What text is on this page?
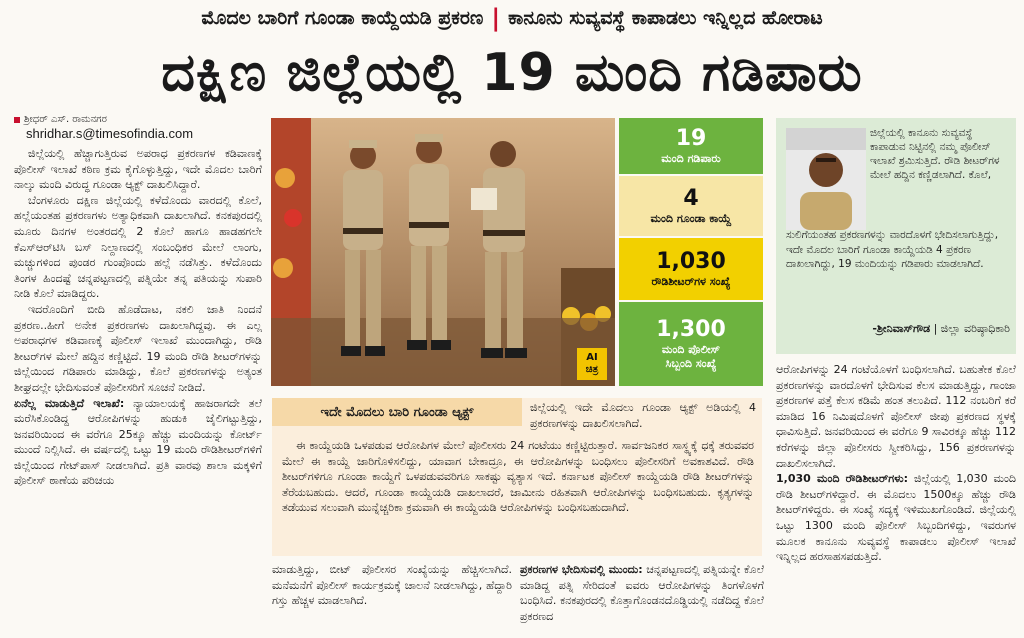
ಮೊದಲ ಬಾರಿಗೆ ಗೂಂಡಾ ಕಾಯ್ದೆಯಡಿ ಪ್ರಕರಣ | ಕಾನೂನು ಸುವ್ಯವಸ್ಥೆ ಕಾಪಾಡಲು ಇನ್ನಿಲ್ಲದ ಹೋರಾಟ
ದಕ್ಷಿಣ ಜಿಲ್ಲೆಯಲ್ಲಿ 19 ಮಂದಿ ಗಡಿಪಾರು
ಶ್ರೀಧರ್ ಎಸ್. ರಾಮನಗರ
shridhar.s@timesofindia.com

ಜಿಲ್ಲೆಯಲ್ಲಿ ಹೆಚ್ಚಾಗುತ್ತಿರುವ ಅಪರಾಧ ಪ್ರಕರಣಗಳ ಕಡಿವಾಣಕ್ಕೆ ಪೊಲೀಸ್ ಇಲಾಖೆ ಕಠಿಣ ಕ್ರಮ ಕೈಗೊಳ್ಳುತ್ತಿದ್ದು, ಇದೇ ಮೊದಲ ಬಾರಿಗೆ ನಾಲ್ಕು ಮಂದಿ ವಿರುದ್ಧ ಗೂಂಡಾ ಆ್ಯಕ್ಟ್ ದಾಖಲಿಸಿದ್ದಾರೆ.

ಬೆಂಗಳೂರು ದಕ್ಷಿಣ ಜಿಲ್ಲೆಯಲ್ಲಿ ಕಳೆದೊಂದು ವಾರದಲ್ಲಿ ಕೊಲೆ, ಹಲ್ಲೆಯಂತಹ ಪ್ರಕರಣಗಳು ಅತ್ಯಾಧಿಕವಾಗಿ ದಾಖಲಾಗಿದೆ. ಕನಕಪುರದಲ್ಲಿ ಮೂರು ದಿನಗಳ ಅಂತರದಲ್ಲಿ 2 ಕೊಲೆ ಹಾಗೂ ಹಾಡಹಗಲೇ ಕೆಎಸ್‌ಆರ್‌ಟಿಸಿ ಬಸ್ ನಿಲ್ದಾಣದಲ್ಲಿ ಸಂಬಂಧಿಕರ ಮೇಲೆ ಲಾಂಗು, ಮಚ್ಚುಗಳಿಂದ ಪುಂಡರ ಗುಂಪೊಂದು ಹಲ್ಲೆ ನಡೆಸಿತ್ತು. ಕಳೆದೊಂದು ತಿಂಗಳ ಹಿಂದಷ್ಟೆ ಚನ್ನಪಟ್ಟಣದಲ್ಲಿ ಪತ್ನಿಯೇ ತನ್ನ ಪತಿಯನ್ನು ಸುಪಾರಿ ನೀಡಿ ಕೊಲೆ ಮಾಡಿದ್ದರು.

ಇದರೊಂದಿಗೆ ಬೀದಿ ಹೊಡೆದಾಟ, ನಕಲಿ ಜಾತಿ ನಿಂದನೆ ಪ್ರಕರಣ..ಹೀಗೆ ಅನೇಕ ಪ್ರಕರಣಗಳು ದಾಖಲಾಗಿದ್ದವು. ಈ ಎಲ್ಲ ಅಪರಾಧಗಳ ಕಡಿವಾಣಕ್ಕೆ ಪೊಲೀಸ್ ಇಲಾಖೆ ಮುಂದಾಗಿದ್ದು, ರೌಡಿ ಶೀಟರ್‌ಗಳ ಮೇಲೆ ಹದ್ದಿನ ಕಣ್ಣಿಟ್ಟಿದೆ. 19 ಮಂದಿ ರೌಡಿ ಶೀಟರ್‌ಗಳನ್ನು ಜಿಲ್ಲೆಯಿಂದ ಗಡಿಪಾರು ಮಾಡಿದ್ದು, ಕೊಲೆ ಪ್ರಕರಣಗಳನ್ನು ಅತ್ಯಂತ ಶೀಘ್ರದಲ್ಲೇ ಭೇದಿಸುವಂತೆ ಪೊಲೀಸರಿಗೆ ಸೂಚನೆ ನೀಡಿದೆ.

ಏನೆಲ್ಲ ಮಾಡುತ್ತಿದೆ ಇಲಾಖೆ: ನ್ಯಾಯಾಲಯಕ್ಕೆ ಹಾಜರಾಗದೇ ತಲೆ ಮರೆಸಿಕೊಂಡಿದ್ದ ಆರೋಪಿಗಳನ್ನು ಹುಡುಕಿ ಜೈಲಿಗಟ್ಟುತ್ತಿದ್ದು, ಜನವರಿಯಿಂದ ಈ ವರೆಗೂ 25ಕ್ಕೂ ಹೆಚ್ಚು ಮಂದಿಯನ್ನು ಕೋರ್ಟ್ ಮುಂದೆ ನಿಲ್ಲಿಸಿದೆ. ಈ ವರ್ಷದಲ್ಲಿ ಒಟ್ಟು 19 ಮಂದಿ ರೌಡಿಶೀಟರ್‌ಗಳಿಗೆ ಜಿಲ್ಲೆಯಿಂದ ಗೇಟ್‌ಪಾಸ್ ನೀಡಲಾಗಿದೆ. ಪ್ರತಿ ವಾರವು ಶಾಲಾ ಮಕ್ಕಳಿಗೆ ಪೊಲೀಸ್ ಠಾಣೆಯ ಪರಿಚಯ

AI
ಚಿತ್ರ
19
ಮಂದಿ ಗಡಿಪಾರು
4
ಮಂದಿ ಗೂಂಡಾ ಕಾಯ್ದೆ
1,030
ರೌಡಿಶೀಟರ್‌ಗಳ ಸಂಖ್ಯೆ
1,300
ಮಂದಿ ಪೊಲೀಸ್
ಸಿಬ್ಬಂದಿ ಸಂಖ್ಯೆ
ಜಿಲ್ಲೆಯಲ್ಲಿ ಕಾನೂನು ಸುವ್ಯವಸ್ಥೆ ಕಾಪಾಡುವ ನಿಟ್ಟಿನಲ್ಲಿ ನಮ್ಮ ಪೊಲೀಸ್ ಇಲಾಖೆ ಶ್ರಮಿಸುತ್ತಿದೆ. ರೌಡಿ ಶೀಟರ್‌ಗಳ ಮೇಲೆ ಹದ್ದಿನ ಕಣ್ಣಿಡಲಾಗಿದೆ. ಕೊಲೆ,
ಸುಲಿಗೆಯಂತಹ ಪ್ರಕರಣಗಳನ್ನು ವಾರದೊಳಗೆ ಭೇದಿಸಲಾಗುತ್ತಿದ್ದು, ಇದೇ ಮೊದಲ ಬಾರಿಗೆ ಗೂಂಡಾ ಕಾಯ್ದೆಯಡಿ 4 ಪ್ರಕರಣ ದಾಖಲಾಗಿದ್ದು, 19 ಮಂದಿಯನ್ನು ಗಡಿಪಾರು ಮಾಡಲಾಗಿದೆ.
-ಶ್ರೀನಿವಾಸ್‌ಗೌಡ | ಜಿಲ್ಲಾ ವರಿಷ್ಠಾಧಿಕಾರಿ
ಇದೇ ಮೊದಲು ಬಾರಿ ಗೂಂಡಾ ಆ್ಯಕ್ಟ್	ಜಿಲ್ಲೆಯಲ್ಲಿ ಇದೇ ಮೊದಲು ಗೂಂಡಾ ಆ್ಯಕ್ಟ್ ಅಡಿಯಲ್ಲಿ 4 ಪ್ರಕರಣಗಳನ್ನು ದಾಖಲಿಸಲಾಗಿದೆ.

ಈ ಕಾಯ್ದೆಯಡಿ ಒಳಪಡುವ ಆರೋಪಿಗಳ ಮೇಲೆ ಪೊಲೀಸರು 24 ಗಂಟೆಯು ಕಣ್ಣಿಟ್ಟಿರುತ್ತಾರೆ. ಸಾರ್ವಜನಿಕರ ಸಾಸ್ಥ್ಯಕ್ಕೆ ಧಕ್ಕೆ ತರುವವರ ಮೇಲೆ ಈ ಕಾಯ್ದೆ ಜಾರಿಗೊಳಿಸಲಿದ್ದು, ಯಾವಾಗ ಬೇಕಾದ್ರೂ, ಈ ಆರೋಪಿಗಳನ್ನು ಬಂಧಿಸಲು ಪೊಲೀಸರಿಗೆ ಅವಕಾಶವಿದೆ. ರೌಡಿ ಶೀಟರ್‌ಗಳಿಗೂ ಗೂಂಡಾ ಕಾಯ್ದೆಗೆ ಒಳಪಡುವವರಿಗೂ ಸಾಕಷ್ಟು ವ್ಯತ್ಯಾಸ ಇದೆ. ಕರ್ನಾಟಕ ಪೊಲೀಸ್ ಕಾಯ್ದೆಯಡಿ ರೌಡಿ ಶೀಟರ್‌ಗಳನ್ನು ತೆರೆಯಬಹುದು. ಆದರೆ, ಗೂಂಡಾ ಕಾಯ್ದೆಯಡಿ ದಾಖಲಾದರೆ, ಜಾಮೀನು ರಹಿತವಾಗಿ ಆರೋಪಿಗಳನ್ನು ಬಂಧಿಸಬಹುದು. ಕೃತ್ಯಗಳನ್ನು ತಡೆಯುವ ಸಲುವಾಗಿ ಮುನ್ನೆಚ್ಚರಿಕಾ ಕ್ರಮವಾಗಿ ಈ ಕಾಯ್ದೆಯಡಿ ಆರೋಪಿಗಳನ್ನು ಬಂಧಿಸಬಹುದಾಗಿದೆ.

ಮಾಡುತ್ತಿದ್ದು, ಬೀಟ್ ಪೊಲೀಸರ ಸಂಖ್ಯೆಯನ್ನು ಹೆಚ್ಚಿಸಲಾಗಿದೆ. ಮನೆಮನೆಗೆ ಪೊಲೀಸ್ ಕಾರ್ಯಕ್ರಮಕ್ಕೆ ಚಾಲನೆ ನೀಡಲಾಗಿದ್ದು, ಹೆದ್ದಾರಿ ಗಸ್ತು ಹೆಚ್ಚಳ ಮಾಡಲಾಗಿದೆ.

ಪ್ರಕರಣಗಳ ಭೇದಿಸುವಲ್ಲಿ ಮುಂದು: ಚನ್ನಪಟ್ಟಣದಲ್ಲಿ ಪತ್ನಿಯನ್ನೇ ಕೊಲೆ ಮಾಡಿದ್ದ ಪತ್ನಿ ಸೇರಿದಂತೆ ಐವರು ಆರೋಪಿಗಳನ್ನು ತಿಂಗಳೊಳಗೆ ಬಂಧಿಸಿದೆ. ಕನಕಪುರದಲ್ಲಿ ಕೊತ್ತಾಗೊಂಡನದೊಡ್ಡಿಯಲ್ಲಿ ನಡೆದಿದ್ದ ಕೊಲೆ ಪ್ರಕರಣದ

ಆರೋಪಿಗಳನ್ನು 24 ಗಂಟೆಯೊಳಗೆ ಬಂಧಿಸಲಾಗಿದೆ. ಬಹುತೇಕ ಕೊಲೆ ಪ್ರಕರಣಗಳನ್ನು ವಾರದೊಳಗೆ ಭೇದಿಸುವ ಕೆಲಸ ಮಾಡುತ್ತಿದ್ದು, ಗಾಂಜಾ ಪ್ರಕರಣಗಳ ಪತ್ತೆ ಕೆಲಸ ಕಡಿಮೆ ಹಂತ ತಲುಪಿದೆ. 112 ನಂಬರಿಗೆ ಕರೆ ಮಾಡಿದ 16 ನಿಮಿಷದೊಳಗೆ ಪೊಲೀಸ್ ಜೀಪು ಪ್ರಕರಣದ ಸ್ಥಳಕ್ಕೆ ಧಾವಿಸುತ್ತಿದೆ. ಜನವರಿಯಿಂದ ಈ ವರೆಗೂ 9 ಸಾವಿರಕ್ಕೂ ಹೆಚ್ಚು 112 ಕರೆಗಳನ್ನು ಜಿಲ್ಲಾ ಪೊಲೀಸರು ಸ್ವೀಕರಿಸಿದ್ದು, 156 ಪ್ರಕರಣಗಳನ್ನು ದಾಖಲಿಸಲಾಗಿದೆ.

1,030 ಮಂದಿ ರೌಡಿಶೀಟರ್‌ಗಳು: ಜಿಲ್ಲೆಯಲ್ಲಿ 1,030 ಮಂದಿ ರೌಡಿ ಶೀಟರ್‌ಗಳಿದ್ದಾರೆ. ಈ ಮೊದಲು 1500ಕ್ಕೂ ಹೆಚ್ಚು ರೌಡಿ ಶೀಟರ್‌ಗಳಿದ್ದರು. ಈ ಸಂಖ್ಯೆ ಸದ್ಯಕ್ಕೆ ಇಳಿಮುಖಗೊಂಡಿದೆ. ಜಿಲ್ಲೆಯಲ್ಲಿ ಒಟ್ಟು 1300 ಮಂದಿ ಪೊಲೀಸ್ ಸಿಬ್ಬಂದಿಗಳಿದ್ದು, ಇವರುಗಳ ಮೂಲಕ ಕಾನೂನು ಸುವ್ಯವಸ್ಥೆ ಕಾಪಾಡಲು ಪೊಲೀಸ್ ಇಲಾಖೆ ಇನ್ನಿಲ್ಲದ ಹರಸಾಹಸಪಡುತ್ತಿದೆ.
